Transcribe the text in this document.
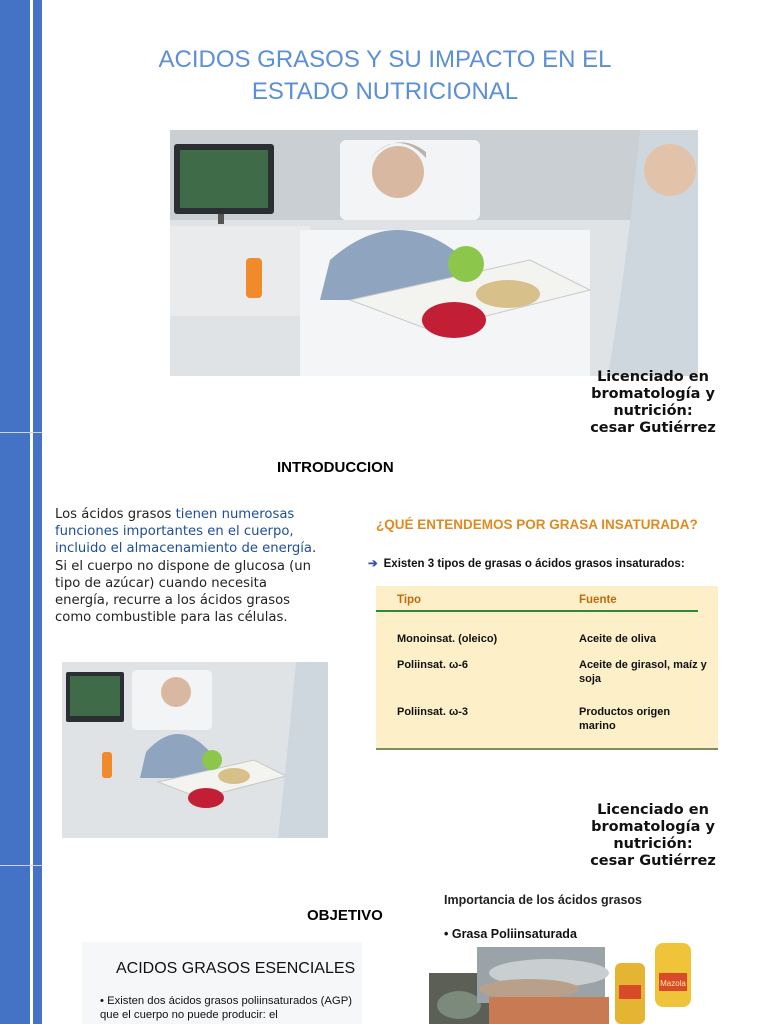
ACIDOS GRASOS Y SU IMPACTO EN EL ESTADO NUTRICIONAL
Licenciado en
bromatología y
nutrición:
cesar Gutiérrez
INTRODUCCION
Los ácidos grasos tienen numerosas funciones importantes en el cuerpo, incluido el almacenamiento de energía. Si el cuerpo no dispone de glucosa (un tipo de azúcar) cuando necesita energía, recurre a los ácidos grasos como combustible para las células.
¿QUÉ ENTENDEMOS POR GRASA INSATURADA?
➔ Existen 3 tipos de grasas o ácidos grasos insaturados:
Tipo	Fuente
Monoinsat. (oleico)	Aceite de oliva
Poliinsat. ω-6	Aceite de girasol, maíz y soja
Poliinsat. ω-3	Productos origen marino
Licenciado en
bromatología y
nutrición:
cesar Gutiérrez
OBJETIVO
ACIDOS GRASOS ESENCIALES
• Existen dos ácidos grasos poliinsaturados (AGP) que el cuerpo no puede producir: el
Importancia de los ácidos grasos
• Grasa Poliinsaturada
Mazola
